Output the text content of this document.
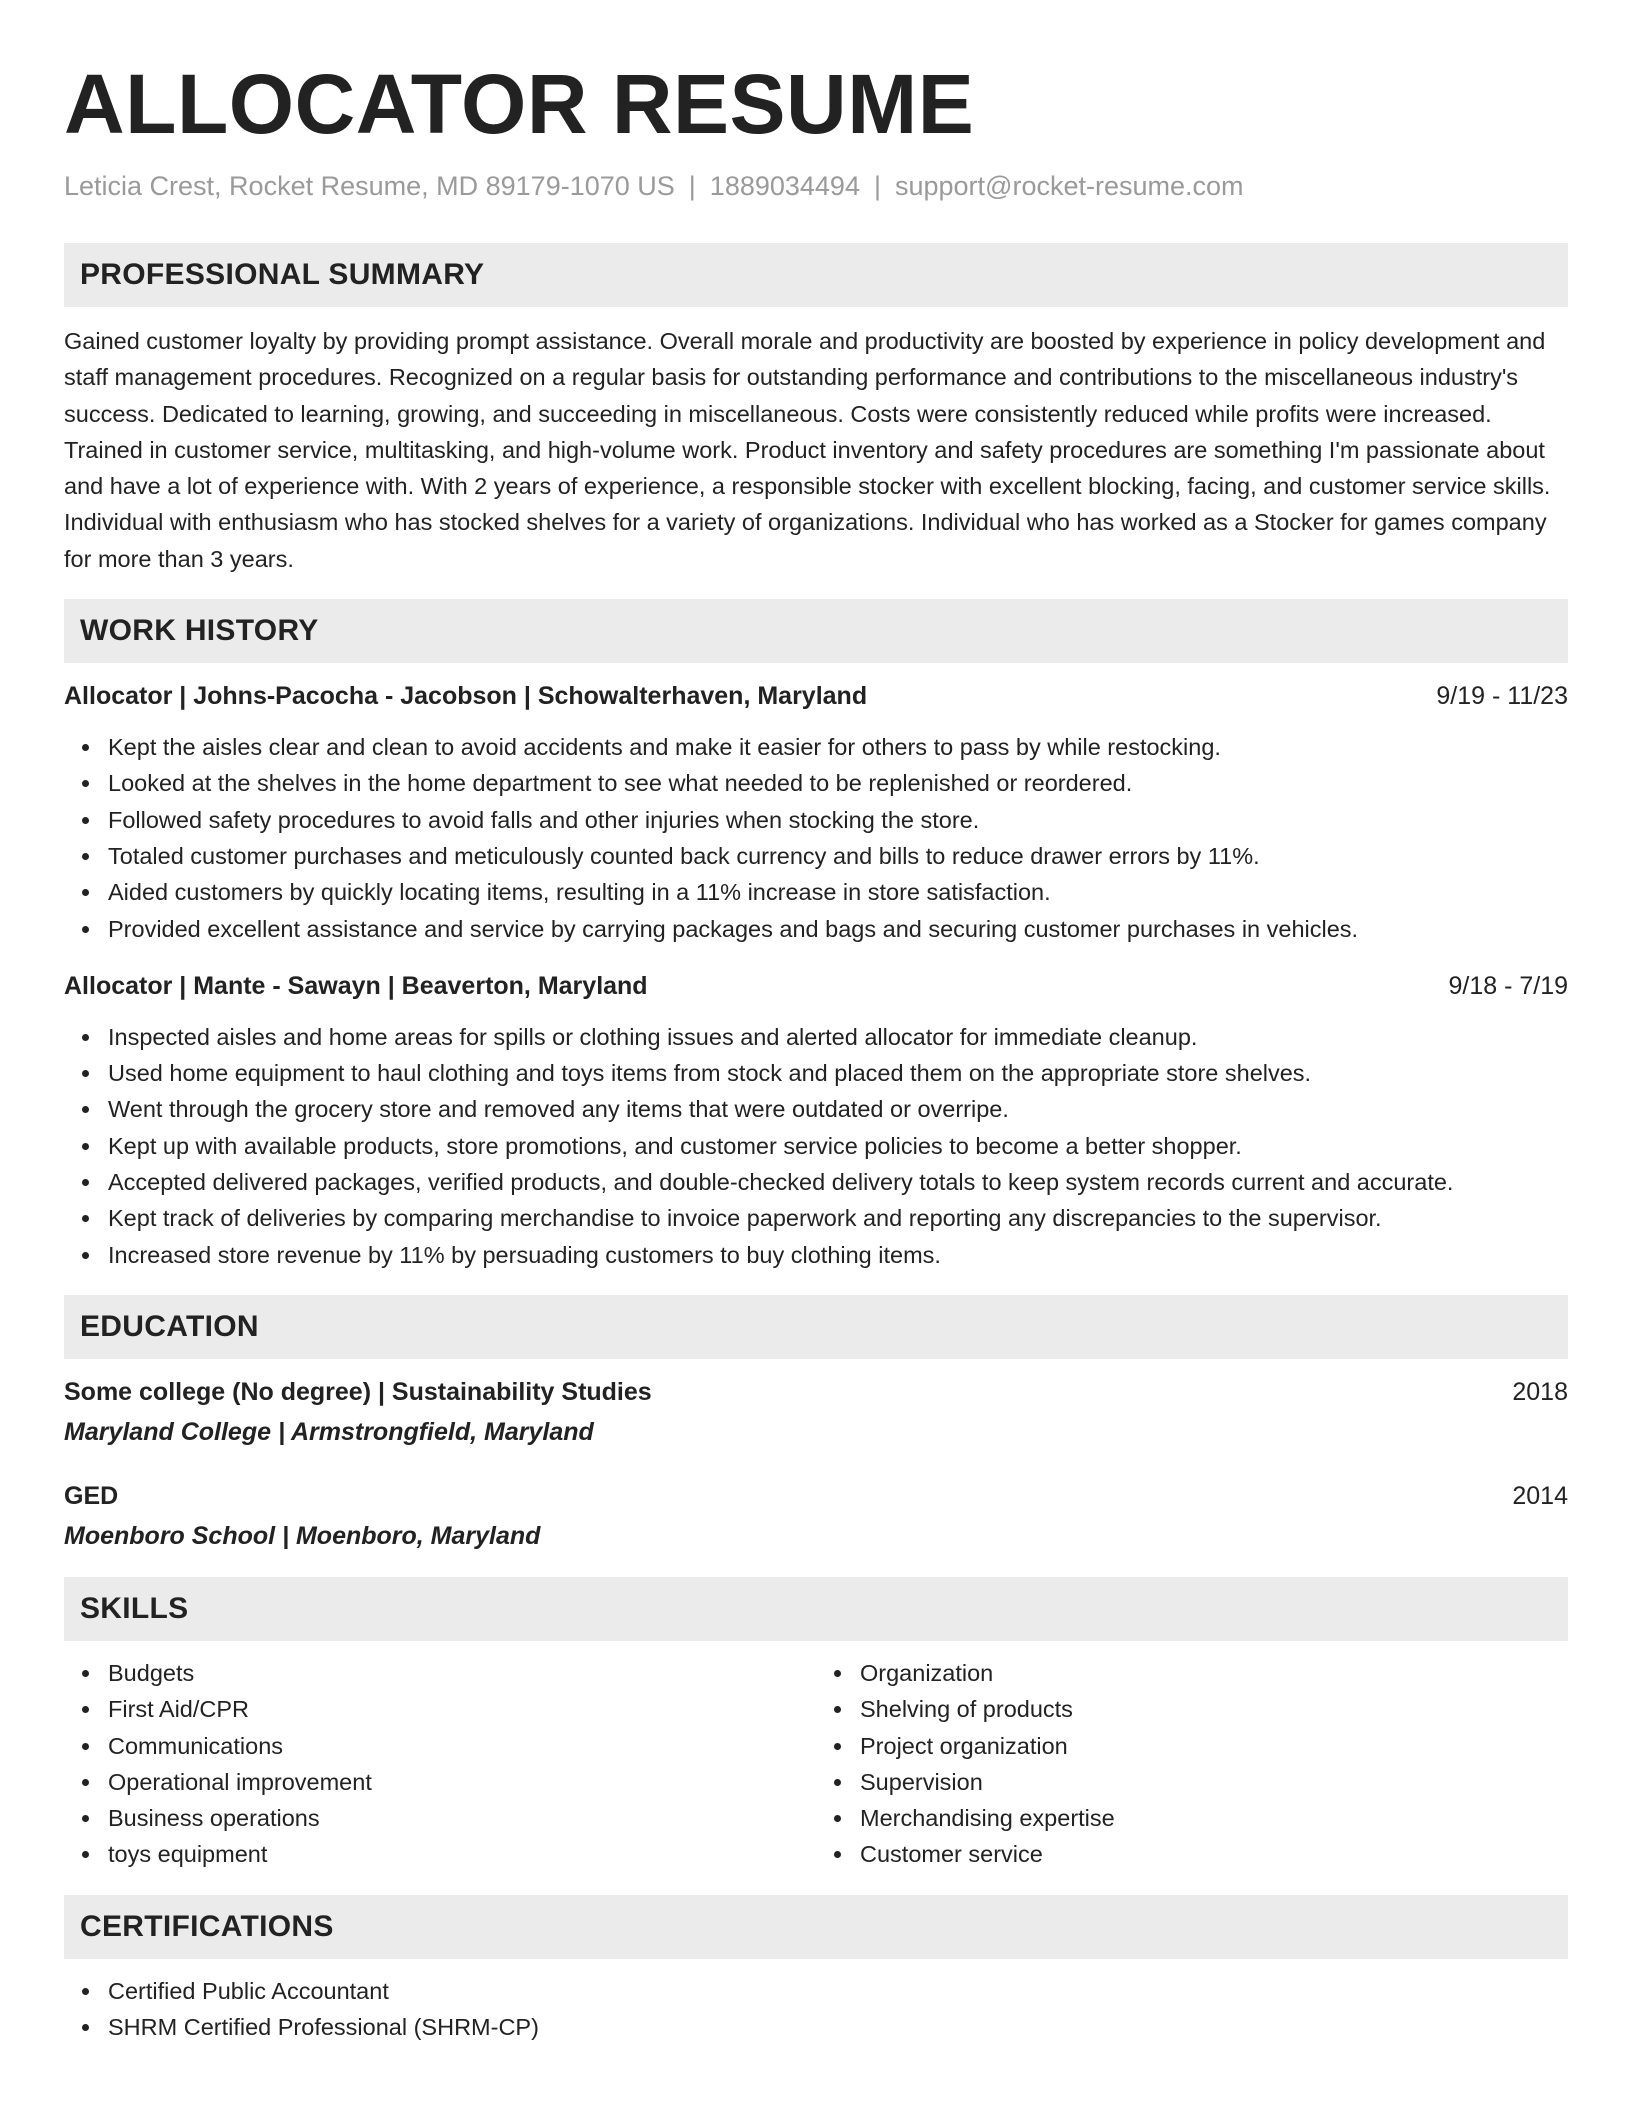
ALLOCATOR RESUME
Leticia Crest, Rocket Resume, MD 89179-1070 US | 1889034494 | support@rocket-resume.com
PROFESSIONAL SUMMARY
Gained customer loyalty by providing prompt assistance. Overall morale and productivity are boosted by experience in policy development and staff management procedures. Recognized on a regular basis for outstanding performance and contributions to the miscellaneous industry's success. Dedicated to learning, growing, and succeeding in miscellaneous. Costs were consistently reduced while profits were increased. Trained in customer service, multitasking, and high-volume work. Product inventory and safety procedures are something I'm passionate about and have a lot of experience with. With 2 years of experience, a responsible stocker with excellent blocking, facing, and customer service skills. Individual with enthusiasm who has stocked shelves for a variety of organizations. Individual who has worked as a Stocker for games company for more than 3 years.
WORK HISTORY
Allocator | Johns-Pacocha - Jacobson | Schowalterhaven, Maryland	9/19 - 11/23
Kept the aisles clear and clean to avoid accidents and make it easier for others to pass by while restocking.
Looked at the shelves in the home department to see what needed to be replenished or reordered.
Followed safety procedures to avoid falls and other injuries when stocking the store.
Totaled customer purchases and meticulously counted back currency and bills to reduce drawer errors by 11%.
Aided customers by quickly locating items, resulting in a 11% increase in store satisfaction.
Provided excellent assistance and service by carrying packages and bags and securing customer purchases in vehicles.
Allocator | Mante - Sawayn | Beaverton, Maryland	9/18 - 7/19
Inspected aisles and home areas for spills or clothing issues and alerted allocator for immediate cleanup.
Used home equipment to haul clothing and toys items from stock and placed them on the appropriate store shelves.
Went through the grocery store and removed any items that were outdated or overripe.
Kept up with available products, store promotions, and customer service policies to become a better shopper.
Accepted delivered packages, verified products, and double-checked delivery totals to keep system records current and accurate.
Kept track of deliveries by comparing merchandise to invoice paperwork and reporting any discrepancies to the supervisor.
Increased store revenue by 11% by persuading customers to buy clothing items.
EDUCATION
Some college (No degree) | Sustainability Studies	2018
Maryland College | Armstrongfield, Maryland
GED	2014
Moenboro School | Moenboro, Maryland
SKILLS
Budgets
First Aid/CPR
Communications
Operational improvement
Business operations
toys equipment
Organization
Shelving of products
Project organization
Supervision
Merchandising expertise
Customer service
CERTIFICATIONS
Certified Public Accountant
SHRM Certified Professional (SHRM-CP)
